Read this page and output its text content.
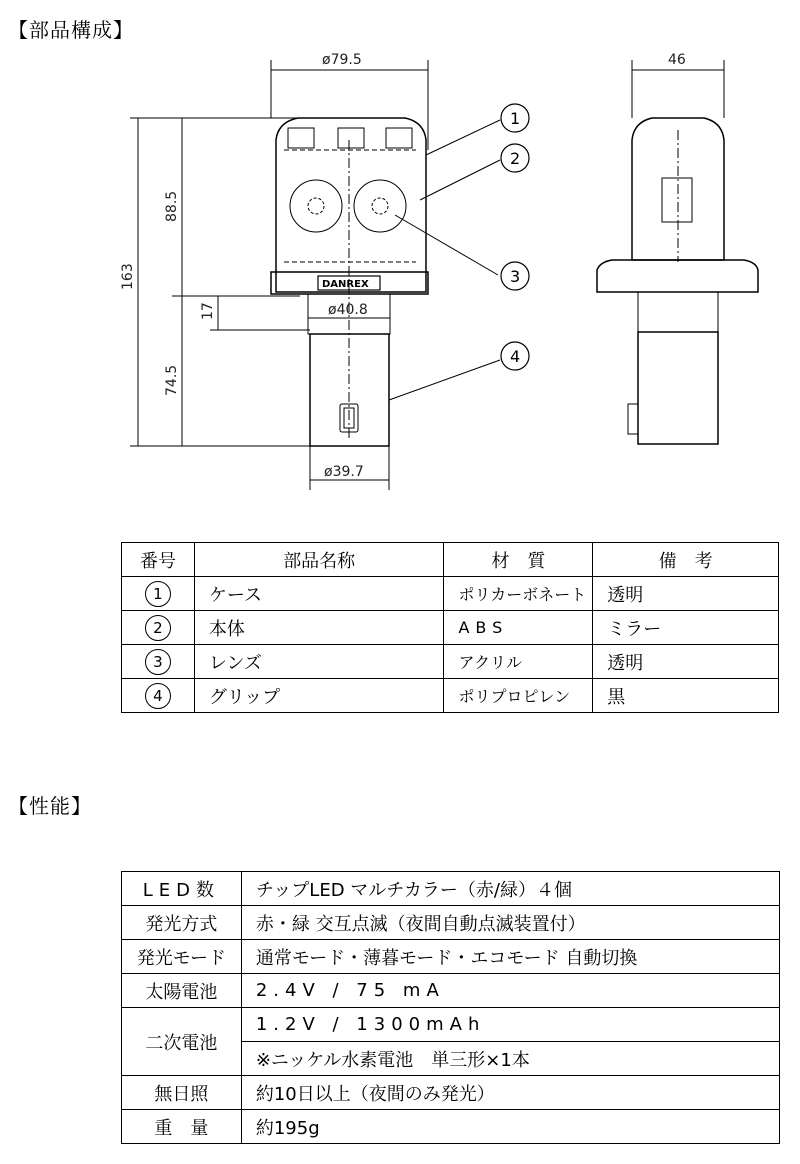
【部品構成】
ø79.5	46
163
88.5
74.5
17	ø40.8
ø39.7
DANREX
1
2
3
4
番号	部品名称	材　質	備　考
1	ケース	ポリカーボネート	透明
2	本体	ABS	ミラー
3	レンズ	アクリル	透明
4	グリップ	ポリプロピレン	黒
【性能】
LED数	チップLED マルチカラー（赤/緑）４個
発光方式	赤・緑 交互点滅（夜間自動点滅装置付）
発光モード	通常モード・薄暮モード・エコモード 自動切換
太陽電池	2.4V / 75 mA
二次電池	1.2V / 1300mAh
	※ニッケル水素電池　単三形×1本
無日照	約10日以上（夜間のみ発光）
重　量	約195g
